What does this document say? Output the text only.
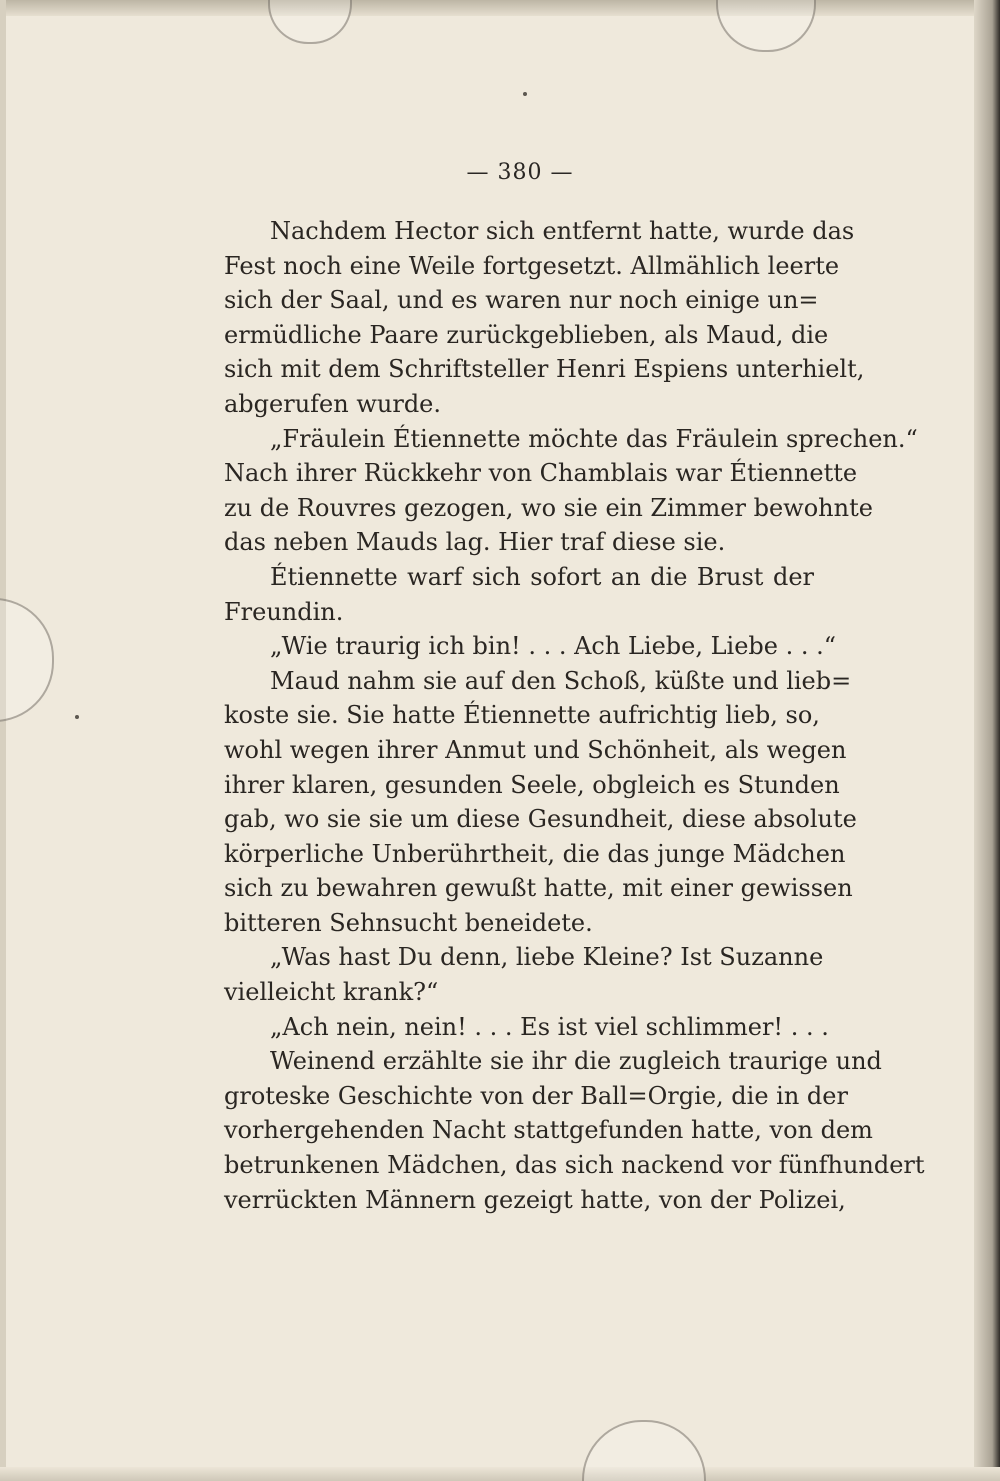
— 380 —
Nachdem Hector sich entfernt hatte, wurde das
Fest noch eine Weile fortgesetzt. Allmählich leerte
sich der Saal, und es waren nur noch einige un=
ermüdliche Paare zurückgeblieben, als Maud, die
sich mit dem Schriftsteller Henri Espiens unterhielt,
abgerufen wurde.
„Fräulein Étiennette möchte das Fräulein sprechen.“
Nach ihrer Rückkehr von Chamblais war Étiennette
zu de Rouvres gezogen, wo sie ein Zimmer bewohnte
das neben Mauds lag. Hier traf diese sie.
Étiennette warf sich sofort an die Brust der
Freundin.
„Wie traurig ich bin! . . . Ach Liebe, Liebe . . .“
Maud nahm sie auf den Schoß, küßte und lieb=
koste sie. Sie hatte Étiennette aufrichtig lieb, so,
wohl wegen ihrer Anmut und Schönheit, als wegen
ihrer klaren, gesunden Seele, obgleich es Stunden
gab, wo sie sie um diese Gesundheit, diese absolute
körperliche Unberührtheit, die das junge Mädchen
sich zu bewahren gewußt hatte, mit einer gewissen
bitteren Sehnsucht beneidete.
„Was hast Du denn, liebe Kleine? Ist Suzanne
vielleicht krank?“
„Ach nein, nein! . . . Es ist viel schlimmer! . . .
Weinend erzählte sie ihr die zugleich traurige und
groteske Geschichte von der Ball=Orgie, die in der
vorhergehenden Nacht stattgefunden hatte, von dem
betrunkenen Mädchen, das sich nackend vor fünfhundert
verrückten Männern gezeigt hatte, von der Polizei,
